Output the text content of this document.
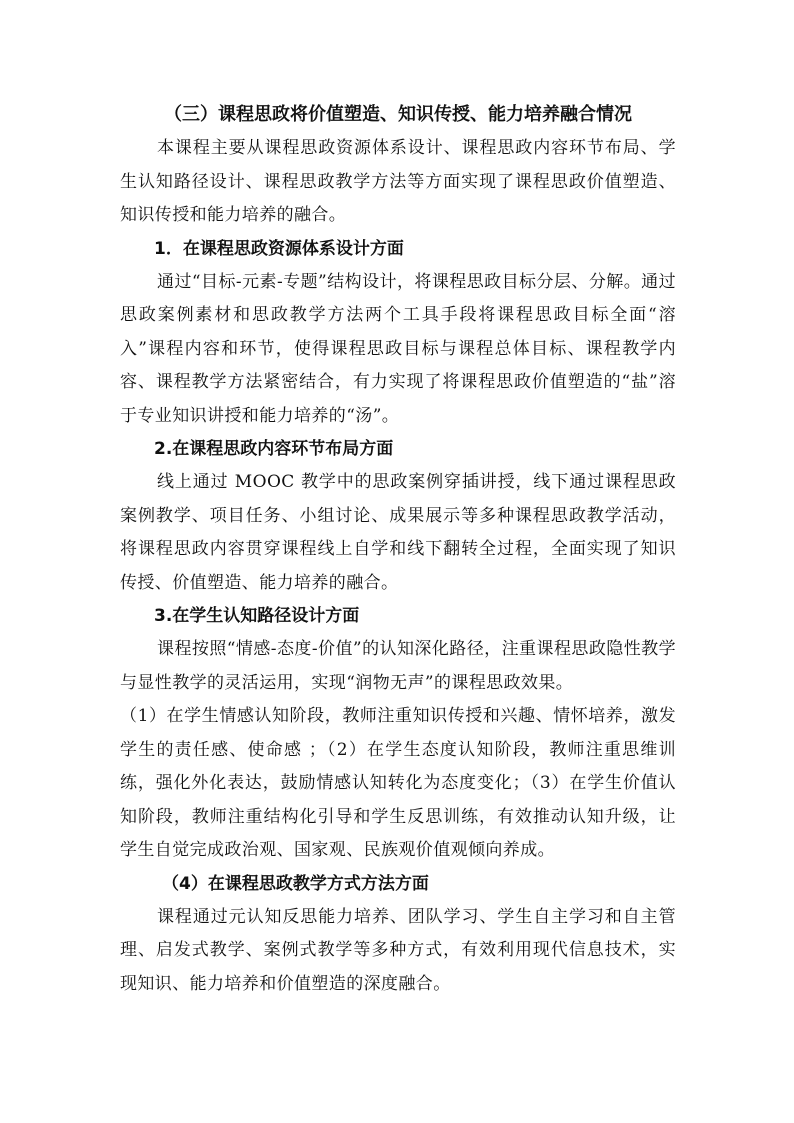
（三）课程思政将价值塑造、知识传授、能力培养融合情况

本课程主要从课程思政资源体系设计、课程思政内容环节布局、学生认知路径设计、课程思政教学方法等方面实现了课程思政价值塑造、知识传授和能力培养的融合。

1．在课程思政资源体系设计方面

通过“目标-元素-专题”结构设计，将课程思政目标分层、分解。通过思政案例素材和思政教学方法两个工具手段将课程思政目标全面“溶入”课程内容和环节，使得课程思政目标与课程总体目标、课程教学内容、课程教学方法紧密结合，有力实现了将课程思政价值塑造的“盐”溶于专业知识讲授和能力培养的“汤”。

2.在课程思政内容环节布局方面

线上通过 MOOC 教学中的思政案例穿插讲授，线下通过课程思政案例教学、项目任务、小组讨论、成果展示等多种课程思政教学活动，将课程思政内容贯穿课程线上自学和线下翻转全过程，全面实现了知识传授、价值塑造、能力培养的融合。

3.在学生认知路径设计方面

课程按照“情感-态度-价值”的认知深化路径，注重课程思政隐性教学与显性教学的灵活运用，实现“润物无声”的课程思政效果。

（1）在学生情感认知阶段，教师注重知识传授和兴趣、情怀培养，激发学生的责任感、使命感 ；（2）在学生态度认知阶段，教师注重思维训练，强化外化表达，鼓励情感认知转化为态度变化；（3）在学生价值认知阶段，教师注重结构化引导和学生反思训练，有效推动认知升级，让学生自觉完成政治观、国家观、民族观价值观倾向养成。

（4）在课程思政教学方式方法方面

课程通过元认知反思能力培养、团队学习、学生自主学习和自主管理、启发式教学、案例式教学等多种方式，有效利用现代信息技术，实现知识、能力培养和价值塑造的深度融合。
